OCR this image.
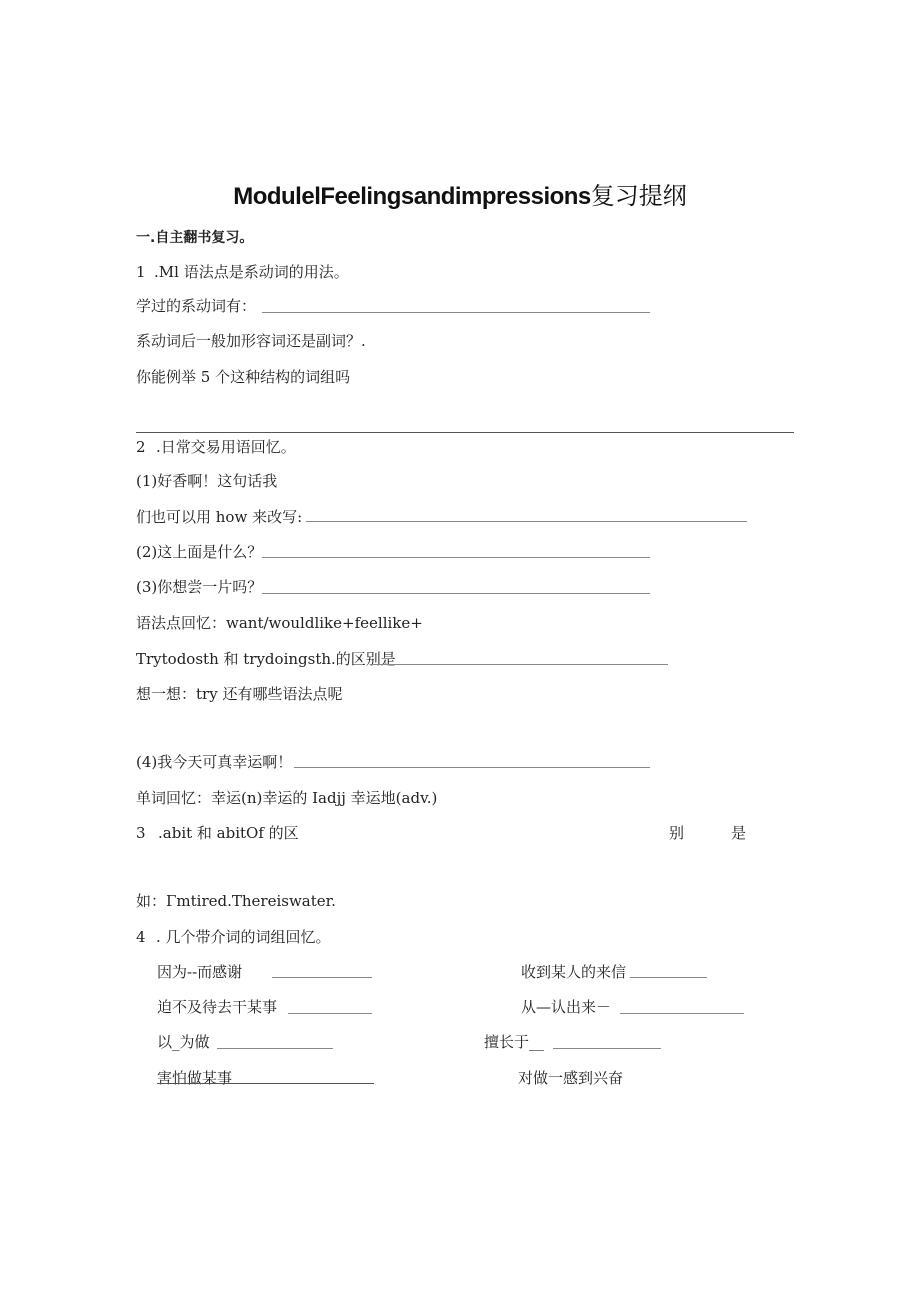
ModulelFeelingsandimpressions复习提纲
一.自主翻书复习。
1 .Ml 语法点是系动词的用法。
学过的系动词有：
系动词后一般加形容词还是副词？.
你能例举 5 个这种结构的词组吗
2 .日常交易用语回忆。
(1)好香啊！这句话我
们也可以用 how 来改写:
(2)这上面是什么？
(3)你想尝一片吗？
语法点回忆：want/wouldlike+feellike+
Trytodosth 和 trydoingsth.的区别是
想一想：try 还有哪些语法点呢
(4)我今天可真幸运啊！
单词回忆：幸运(n)幸运的 Iadjj 幸运地(adv.)
3 .abit 和 abitOf 的区	别	是
如：Γmtired.Thereiswater.
4 . 几个带介词的词组回忆。
因为--而感谢	收到某人的来信
迫不及待去干某事	从—认出来－
以_为做	擅长于__
害怕做某事	对做一感到兴奋
